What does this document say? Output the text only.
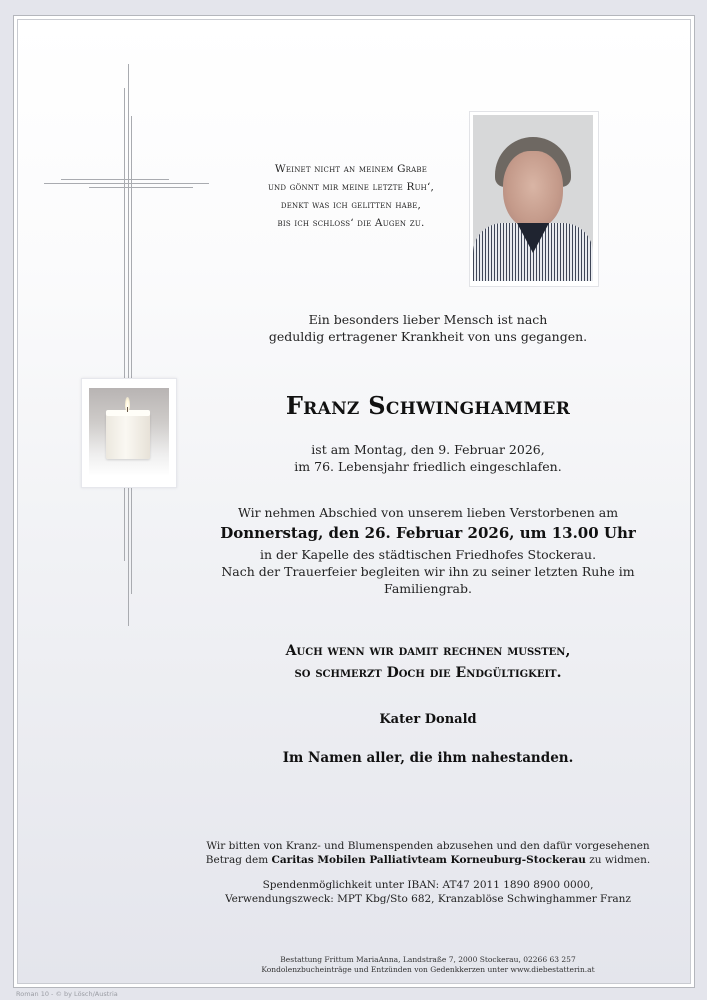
Weinet nicht an meinem Grabe
und gönnt mir meine letzte Ruh‘,
denkt was ich gelitten habe,
bis ich schloss‘ die Augen zu.
Ein besonders lieber Mensch ist nach
geduldig ertragener Krankheit von uns gegangen.
Franz Schwinghammer
ist am Montag, den 9. Februar 2026,
im 76. Lebensjahr friedlich eingeschlafen.
Wir nehmen Abschied von unserem lieben Verstorbenen am
Donnerstag, den 26. Februar 2026, um 13.00 Uhr
in der Kapelle des städtischen Friedhofes Stockerau.
Nach der Trauerfeier begleiten wir ihn zu seiner letzten Ruhe im
Familiengrab.
Auch wenn wir damit rechnen mussten,
so schmerzt Doch die Endgültigkeit.
Kater Donald
Im Namen aller, die ihm nahestanden.
Wir bitten von Kranz- und Blumenspenden abzusehen und den dafür vorgesehenen
Betrag dem Caritas Mobilen Palliativteam Korneuburg-Stockerau zu widmen.
Spendenmöglichkeit unter IBAN: AT47 2011 1890 8900 0000,
Verwendungszweck: MPT Kbg/Sto 682, Kranzablöse Schwinghammer Franz
Bestattung Frittum MariaAnna, Landstraße 7, 2000 Stockerau, 02266 63 257
Kondolenzbucheinträge und Entzünden von Gedenkkerzen unter www.diebestatterin.at
Roman 10 - © by Lösch/Austria
